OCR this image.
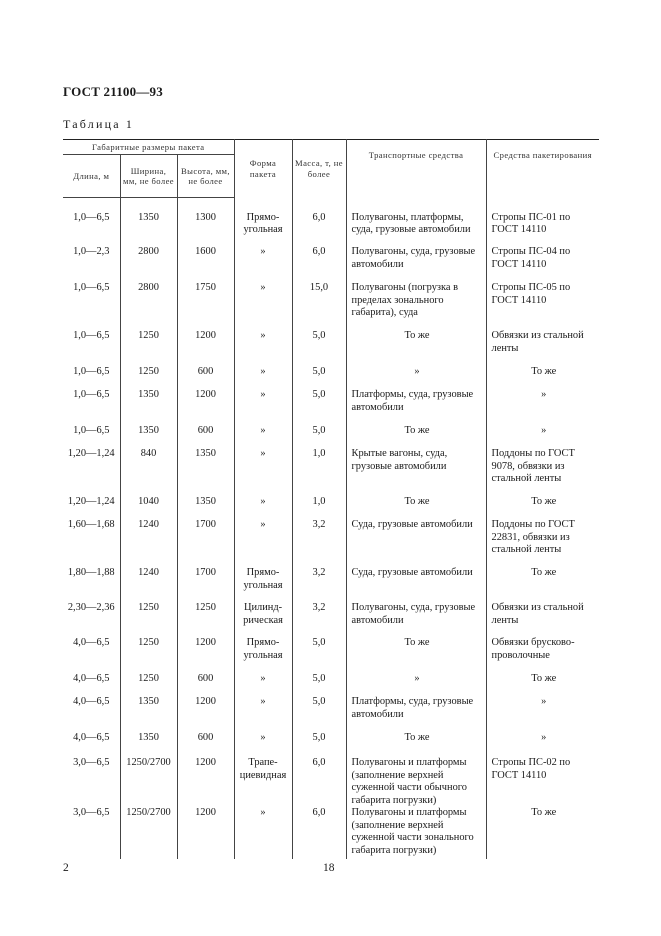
ГОСТ 21100—93
Таблица 1
Габаритные размеры пакета			Форма пакета	Масса, т, не более	Транспортные средства	Средства пакетирования
Длина, м	Ширина, мм, не более	Высота, мм, не более				
1,0—6,5	1350	1300	Прямо-угольная	6,0	Полувагоны, платформы, суда, грузовые автомобили	Стропы ПС-01 по ГОСТ 14110
1,0—2,3	2800	1600	»	6,0	Полувагоны, суда, грузовые автомобили	Стропы ПС-04 по ГОСТ 14110
1,0—6,5	2800	1750	»	15,0	Полувагоны (погрузка в пределах зонального габарита), суда	Стропы ПС-05 по ГОСТ 14110
1,0—6,5	1250	1200	»	5,0	То же	Обвязки из стальной ленты
1,0—6,5	1250	600	»	5,0	»	То же
1,0—6,5	1350	1200	»	5,0	Платформы, суда, грузовые автомобили	»
1,0—6,5	1350	600	»	5,0	То же	»
1,20—1,24	840	1350	»	1,0	Крытые вагоны, суда, грузовые автомобили	Поддоны по ГОСТ 9078, обвязки из стальной ленты
1,20—1,24	1040	1350	»	1,0	То же	То же
1,60—1,68	1240	1700	»	3,2	Суда, грузовые автомобили	Поддоны по ГОСТ 22831, обвязки из стальной ленты
1,80—1,88	1240	1700	Прямо-угольная	3,2	Суда, грузовые автомобили	То же
2,30—2,36	1250	1250	Цилинд-рическая	3,2	Полувагоны, суда, грузовые автомобили	Обвязки из стальной ленты
4,0—6,5	1250	1200	Прямо-угольная	5,0	То же	Обвязки брусково-проволочные
4,0—6,5	1250	600	»	5,0	»	То же
4,0—6,5	1350	1200	»	5,0	Платформы, суда, грузовые автомобили	»
4,0—6,5	1350	600	»	5,0	То же	»
3,0—6,5	1250/2700	1200	Трапе-циевидная	6,0	Полувагоны и платформы (заполнение верхней суженной части обычного габарита погрузки)	Стропы ПС-02 по ГОСТ 14110
3,0—6,5	1250/2700	1200	»	6,0	Полувагоны и платформы (заполнение верхней суженной части зонального габарита погрузки)	То же
2	18
